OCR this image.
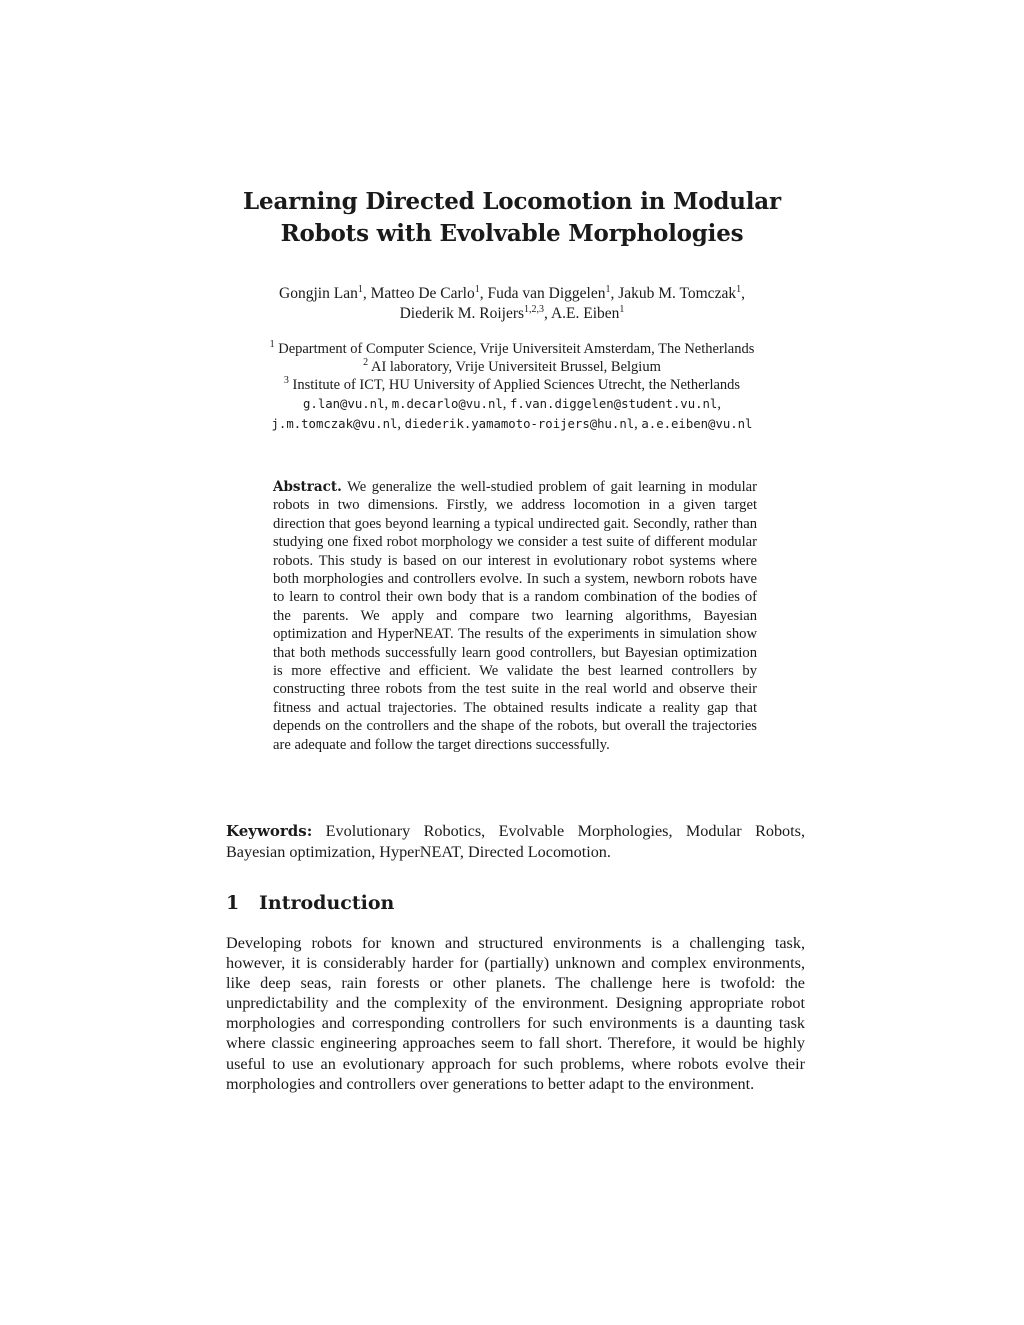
Learning Directed Locomotion in Modular
Robots with Evolvable Morphologies
Gongjin Lan$^1$, Matteo De Carlo$^1$, Fuda van Diggelen$^1$, Jakub M. Tomczak$^1$,
Diederik M. Roijers$^{1,2,3}$, A.E. Eiben$^1$
$^1$ Department of Computer Science, Vrije Universiteit Amsterdam, The Netherlands
$^2$ AI laboratory, Vrije Universiteit Brussel, Belgium
$^3$ Institute of ICT, HU University of Applied Sciences Utrecht, the Netherlands
g.lan@vu.nl, m.decarlo@vu.nl, f.van.diggelen@student.vu.nl,
j.m.tomczak@vu.nl, diederik.yamamoto-roijers@hu.nl, a.e.eiben@vu.nl
Abstract. We generalize the well-studied problem of gait learning in modular robots in two dimensions. Firstly, we address locomotion in a given target direction that goes beyond learning a typical undirected gait. Secondly, rather than studying one fixed robot morphology we consider a test suite of different modular robots. This study is based on our interest in evolutionary robot systems where both morphologies and controllers evolve. In such a system, newborn robots have to learn to control their own body that is a random combination of the bodies of the parents. We apply and compare two learning algorithms, Bayesian optimization and HyperNEAT. The results of the experiments in simulation show that both methods successfully learn good controllers, but Bayesian optimization is more effective and efficient. We validate the best learned controllers by constructing three robots from the test suite in the real world and observe their fitness and actual trajectories. The obtained results indicate a reality gap that depends on the controllers and the shape of the robots, but overall the trajectories are adequate and follow the target directions successfully.
Keywords: Evolutionary Robotics, Evolvable Morphologies, Modular Robots, Bayesian optimization, HyperNEAT, Directed Locomotion.
1 Introduction
Developing robots for known and structured environments is a challenging task, however, it is considerably harder for (partially) unknown and complex environments, like deep seas, rain forests or other planets. The challenge here is twofold: the unpredictability and the complexity of the environment. Designing appropriate robot morphologies and corresponding controllers for such environments is a daunting task where classic engineering approaches seem to fall short. Therefore, it would be highly useful to use an evolutionary approach for such problems, where robots evolve their morphologies and controllers over generations to better adapt to the environment.
